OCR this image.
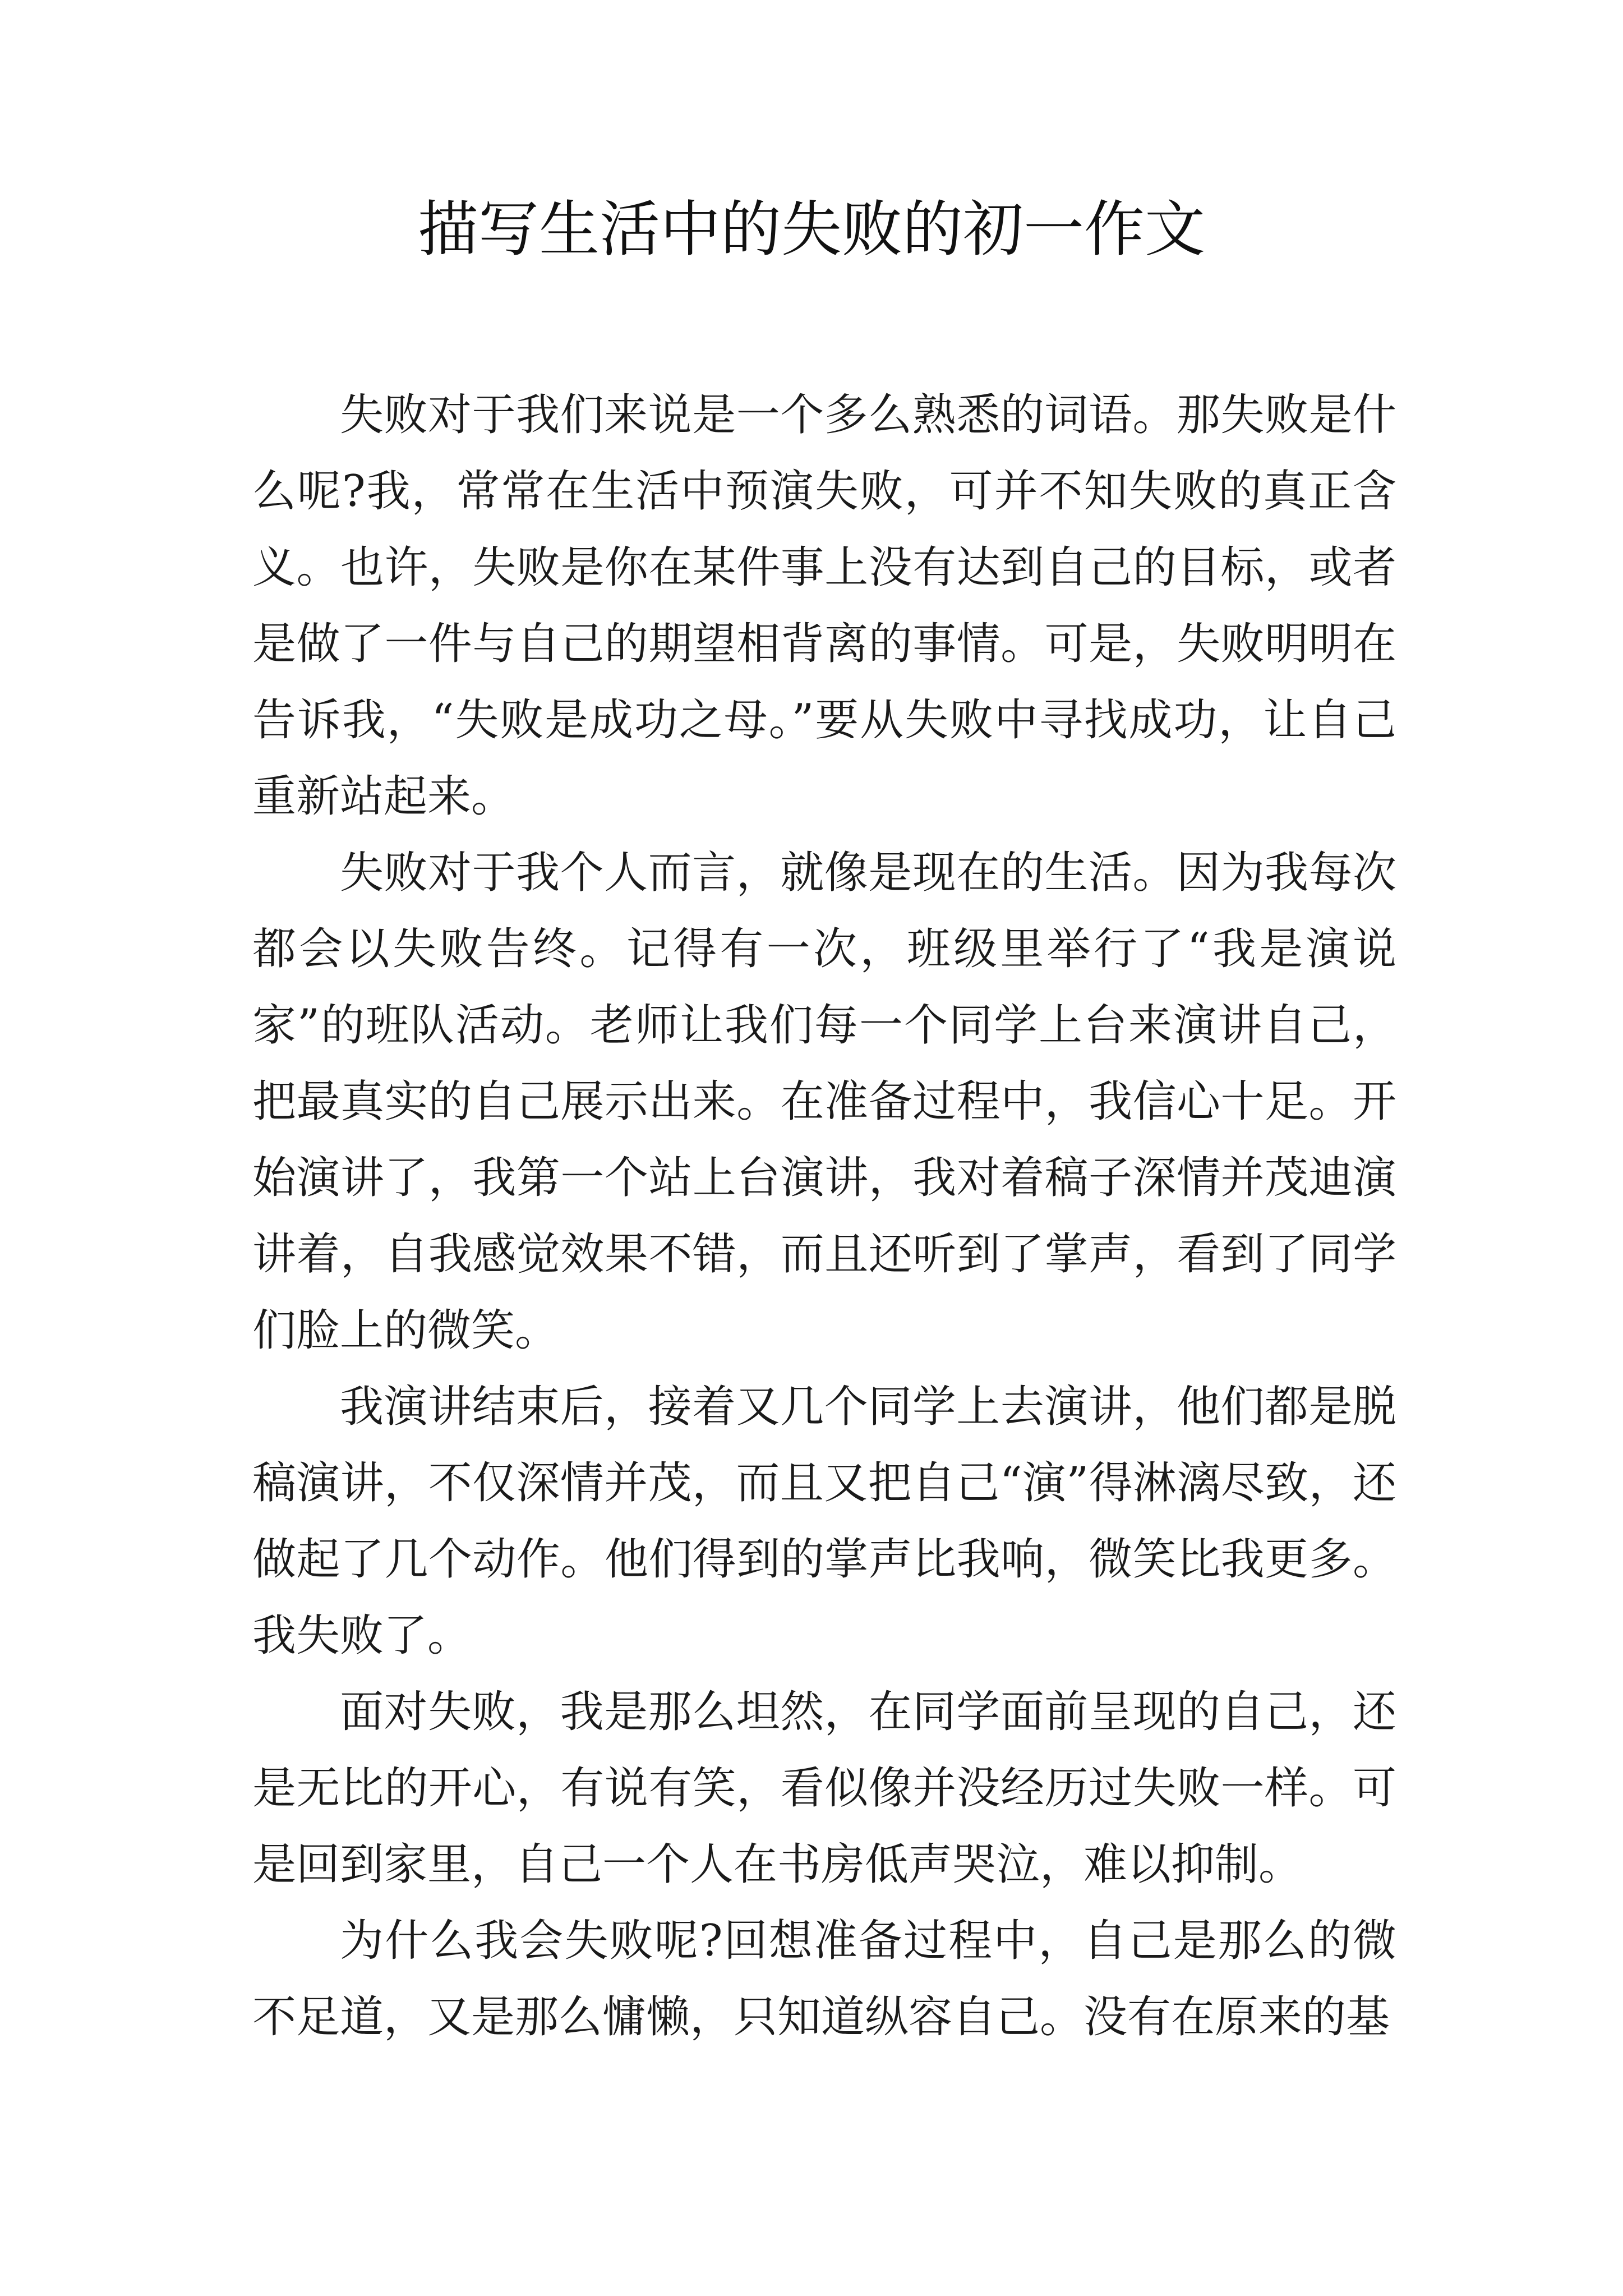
描写生活中的失败的初一作文

失败对于我们来说是一个多么熟悉的词语。那失败是什么呢?我，常常在生活中预演失败，可并不知失败的真正含义。也许，失败是你在某件事上没有达到自己的目标，或者是做了一件与自己的期望相背离的事情。可是，失败明明在告诉我，“失败是成功之母。”要从失败中寻找成功，让自己重新站起来。

失败对于我个人而言，就像是现在的生活。因为我每次都会以失败告终。记得有一次，班级里举行了“我是演说家”的班队活动。老师让我们每一个同学上台来演讲自己，把最真实的自己展示出来。在准备过程中，我信心十足。开始演讲了，我第一个站上台演讲，我对着稿子深情并茂迪演讲着，自我感觉效果不错，而且还听到了掌声，看到了同学们脸上的微笑。

我演讲结束后，接着又几个同学上去演讲，他们都是脱稿演讲，不仅深情并茂，而且又把自己“演”得淋漓尽致，还做起了几个动作。他们得到的掌声比我响，微笑比我更多。我失败了。

面对失败，我是那么坦然，在同学面前呈现的自己，还是无比的开心，有说有笑，看似像并没经历过失败一样。可是回到家里，自己一个人在书房低声哭泣，难以抑制。

为什么我会失败呢?回想准备过程中，自己是那么的微不足道，又是那么慵懒，只知道纵容自己。没有在原来的基
